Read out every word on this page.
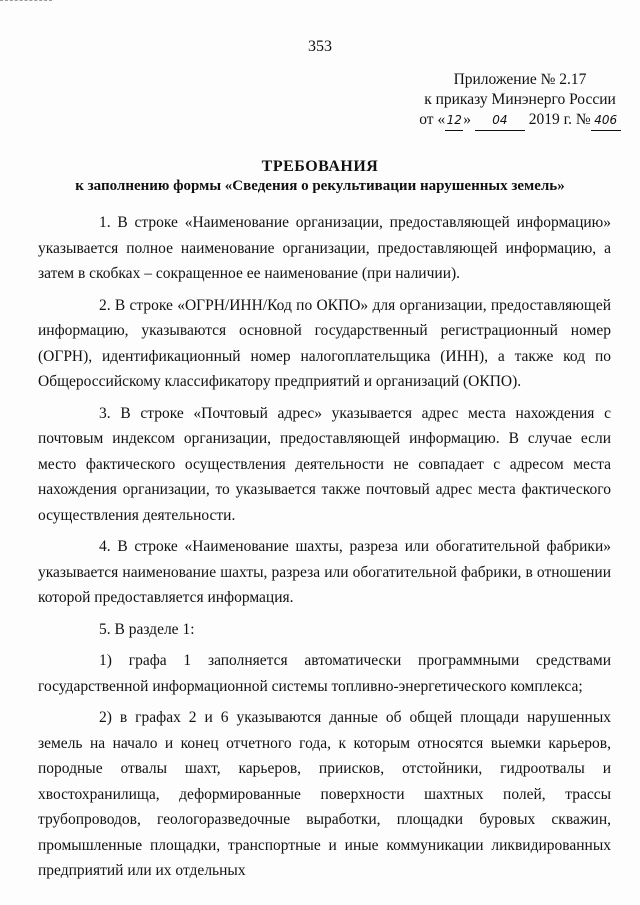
353
Приложение № 2.17
к приказу Минэнерго России
от «12» 04 2019 г. № 406
ТРЕБОВАНИЯ
к заполнению формы «Сведения о рекультивации нарушенных земель»

1. В строке «Наименование организации, предоставляющей информацию» указывается полное наименование организации, предоставляющей информацию, а затем в скобках – сокращенное ее наименование (при наличии).

2. В строке «ОГРН/ИНН/Код по ОКПО» для организации, предоставляющей информацию, указываются основной государственный регистрационный номер (ОГРН), идентификационный номер налогоплательщика (ИНН), а также код по Общероссийскому классификатору предприятий и организаций (ОКПО).

3. В строке «Почтовый адрес» указывается адрес места нахождения с почтовым индексом организации, предоставляющей информацию. В случае если место фактического осуществления деятельности не совпадает с адресом места нахождения организации, то указывается также почтовый адрес места фактического осуществления деятельности.

4. В строке «Наименование шахты, разреза или обогатительной фабрики» указывается наименование шахты, разреза или обогатительной фабрики, в отношении которой предоставляется информация.

5. В разделе 1:

1) графа 1 заполняется автоматически программными средствами государственной информационной системы топливно-энергетического комплекса;

2) в графах 2 и 6 указываются данные об общей площади нарушенных земель на начало и конец отчетного года, к которым относятся выемки карьеров, породные отвалы шахт, карьеров, приисков, отстойники, гидроотвалы и хвостохранилища, деформированные поверхности шахтных полей, трассы трубопроводов, геологоразведочные выработки, площадки буровых скважин, промышленные площадки, транспортные и иные коммуникации ликвидированных предприятий или их отдельных
